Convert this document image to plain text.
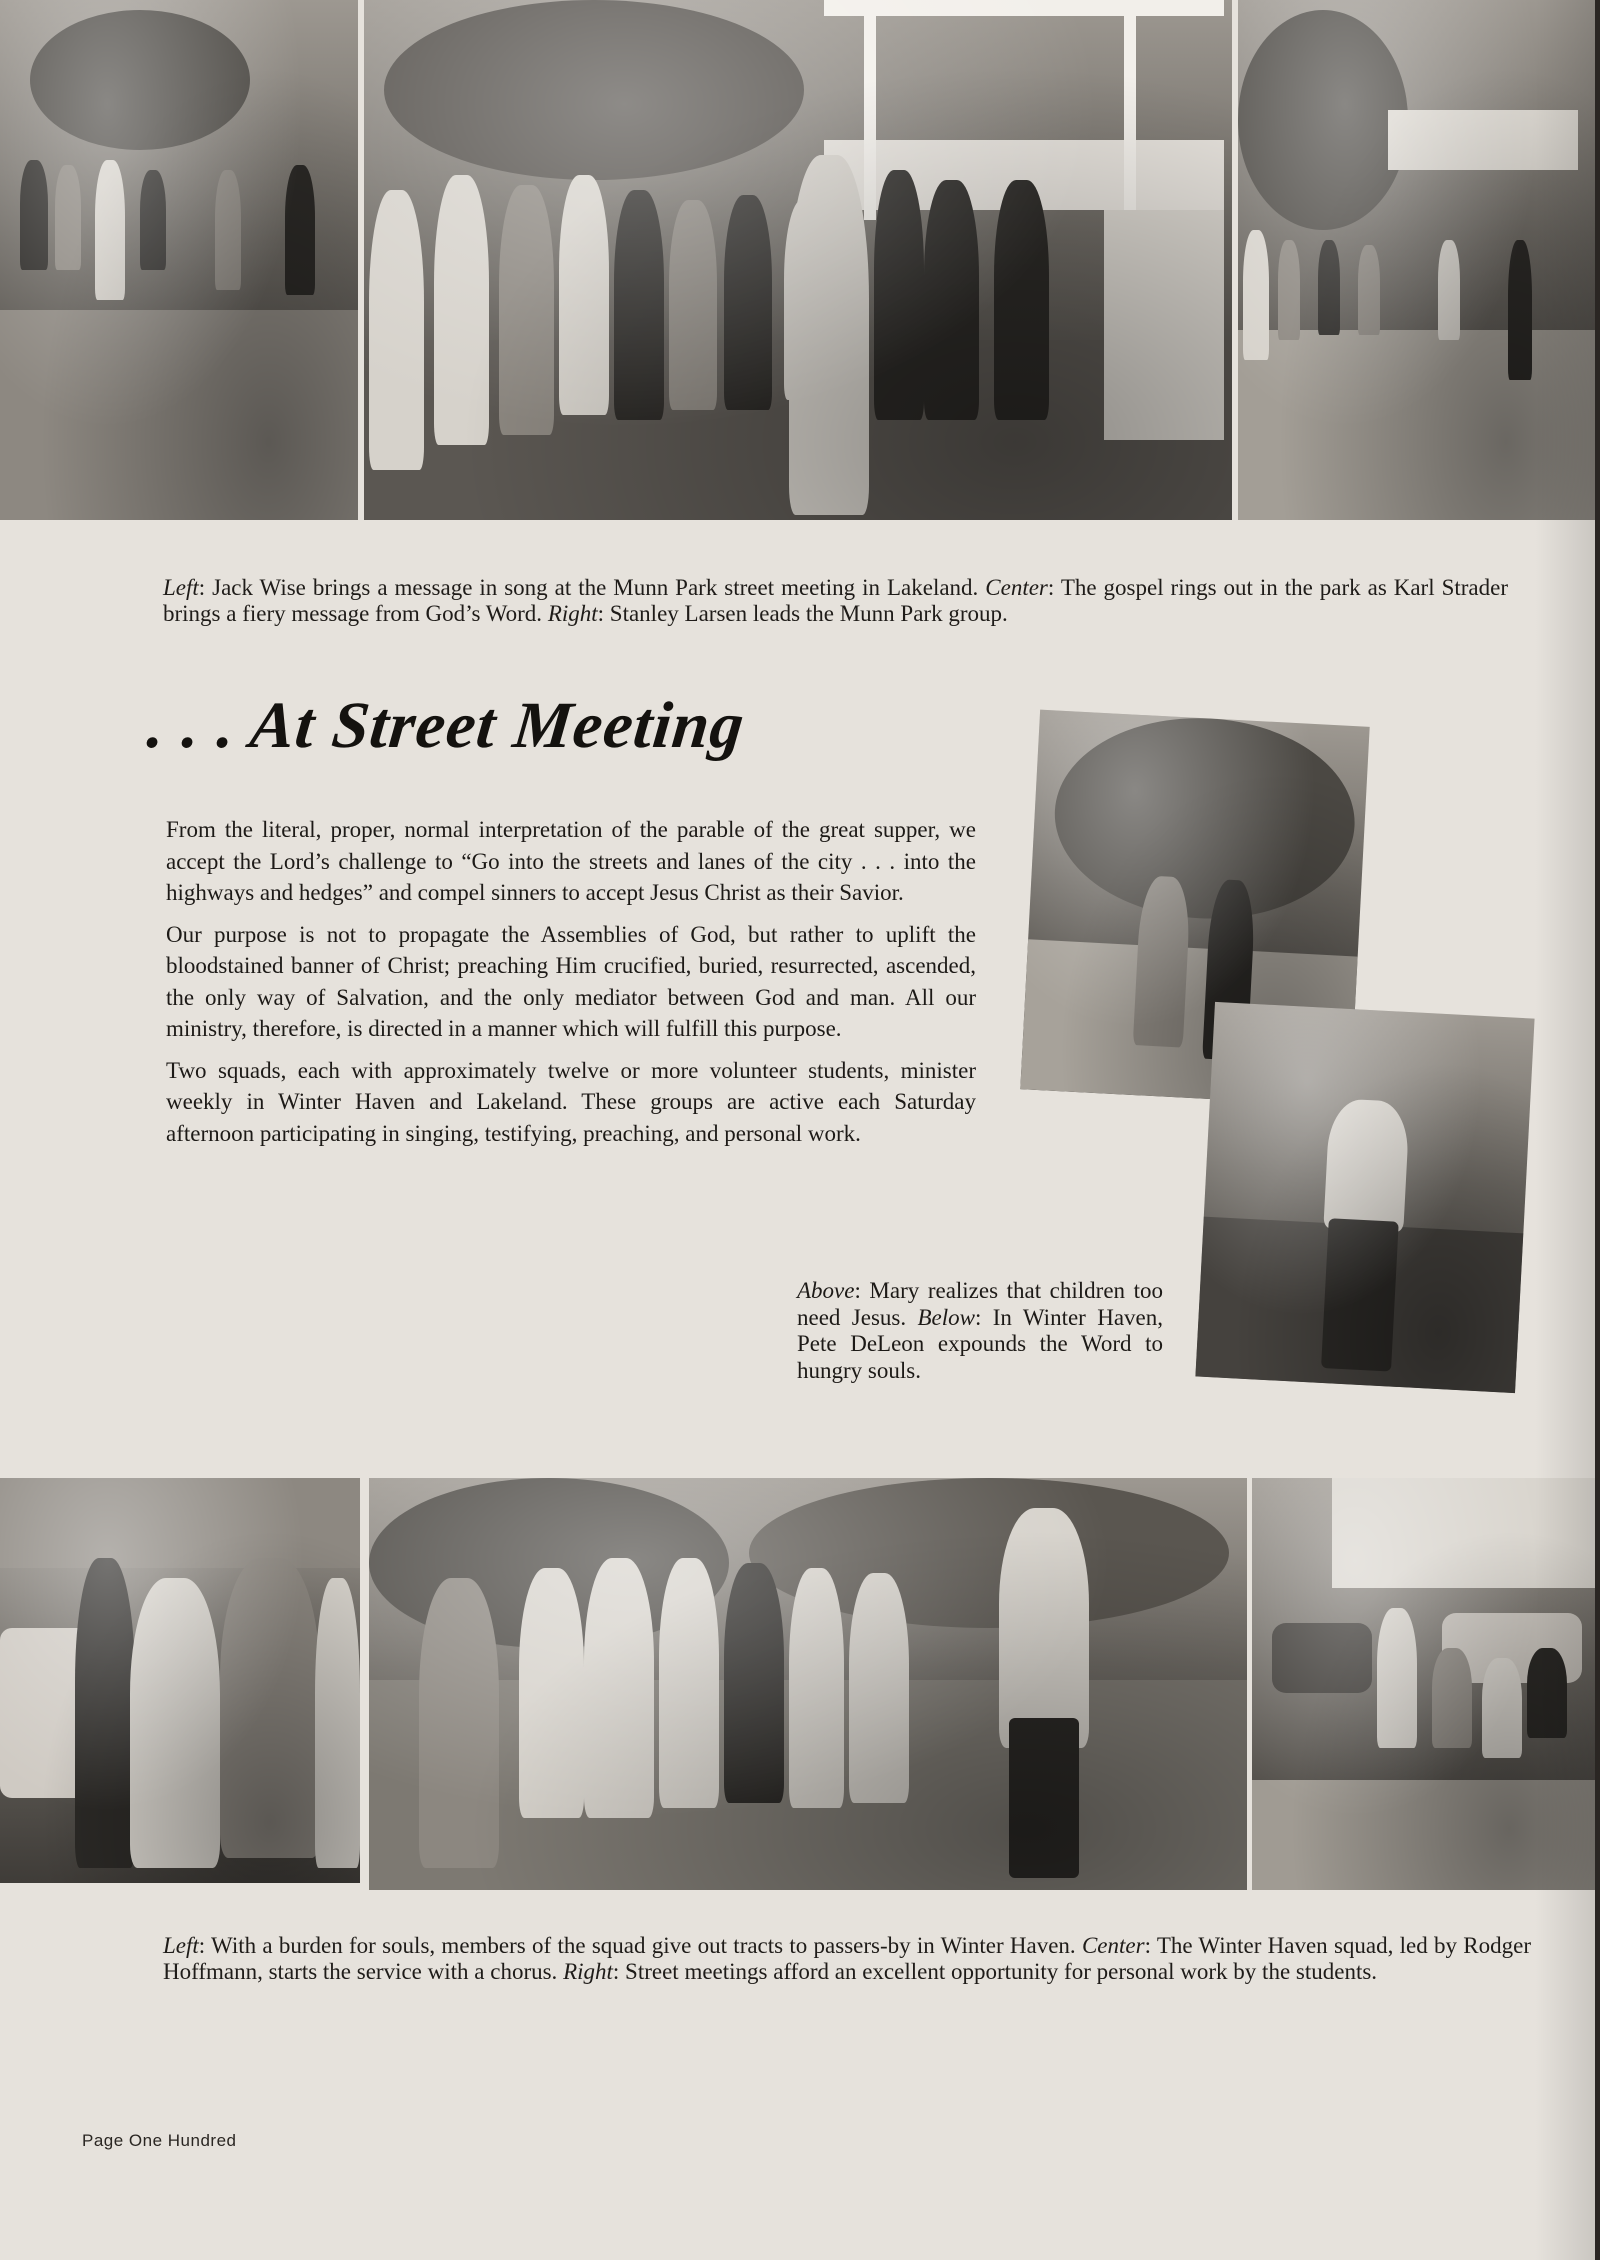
Left: Jack Wise brings a message in song at the Munn Park street meeting in Lakeland. Center: The gospel rings out in the park as Karl Strader brings a fiery message from God’s Word. Right: Stanley Larsen leads the Munn Park group.
. . . At Street Meeting

From the literal, proper, normal interpretation of the parable of the great supper, we accept the Lord’s challenge to “Go into the streets and lanes of the city . . . into the highways and hedges” and compel sinners to accept Jesus Christ as their Savior.

Our purpose is not to propagate the Assemblies of God, but rather to uplift the bloodstained banner of Christ; preaching Him crucified, buried, resurrected, ascended, the only way of Salvation, and the only mediator between God and man. All our ministry, therefore, is directed in a manner which will fulfill this purpose.

Two squads, each with approximately twelve or more volunteer students, minister weekly in Winter Haven and Lakeland. These groups are active each Saturday afternoon participating in singing, testifying, preaching, and personal work.

Above: Mary realizes that children too need Jesus. Below: In Winter Haven, Pete DeLeon expounds the Word to hungry souls.
Left: With a burden for souls, members of the squad give out tracts to passers-by in Winter Haven. Center: The Winter Haven squad, led by Rodger Hoffmann, starts the service with a chorus. Right: Street meetings afford an excellent opportunity for personal work by the students.
Page One Hundred
